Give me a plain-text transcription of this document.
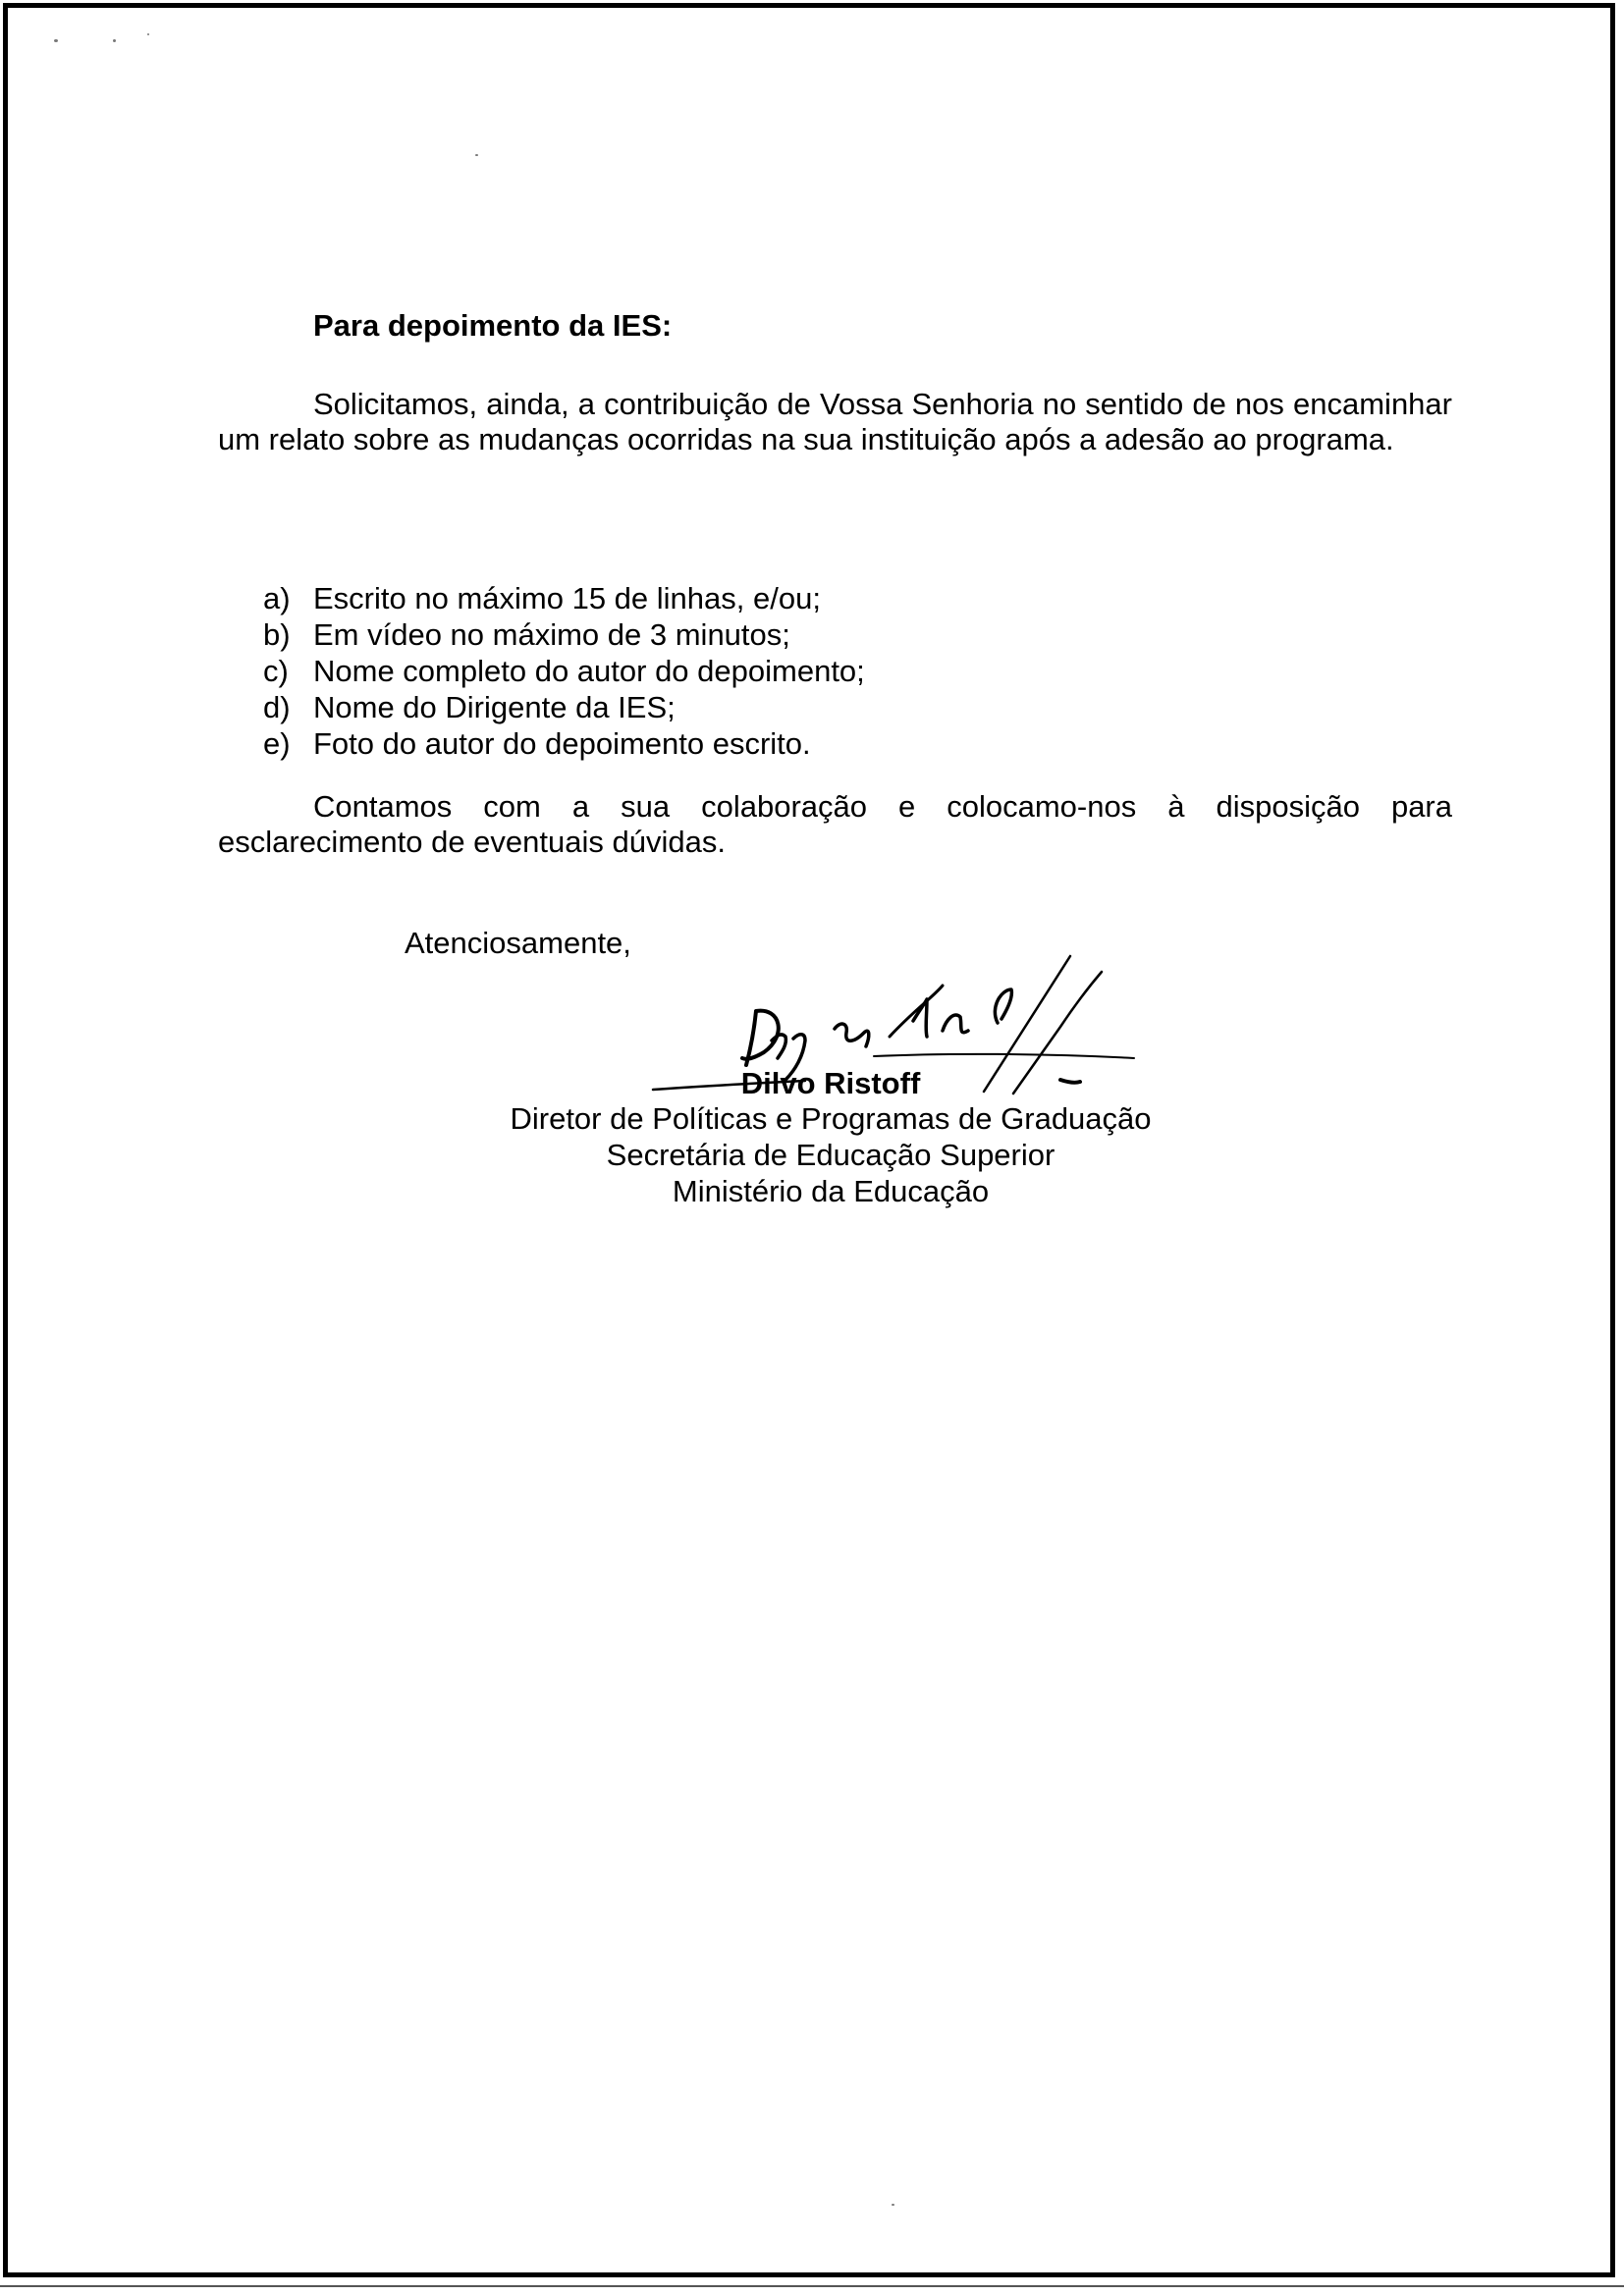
Para depoimento da IES:
Solicitamos, ainda, a contribuição de Vossa Senhoria no sentido de nos encaminhar um relato sobre as mudanças ocorridas na sua instituição após a adesão ao programa.
a) Escrito no máximo 15 de linhas, e/ou;
b) Em vídeo no máximo de 3 minutos;
c) Nome completo do autor do depoimento;
d) Nome do Dirigente da IES;
e) Foto do autor do depoimento escrito.
Contamos com a sua colaboração e colocamo-nos à disposição para esclarecimento de eventuais dúvidas.
Atenciosamente,
Dilvo Ristoff
Diretor de Políticas e Programas de Graduação
Secretária de Educação Superior
Ministério da Educação
